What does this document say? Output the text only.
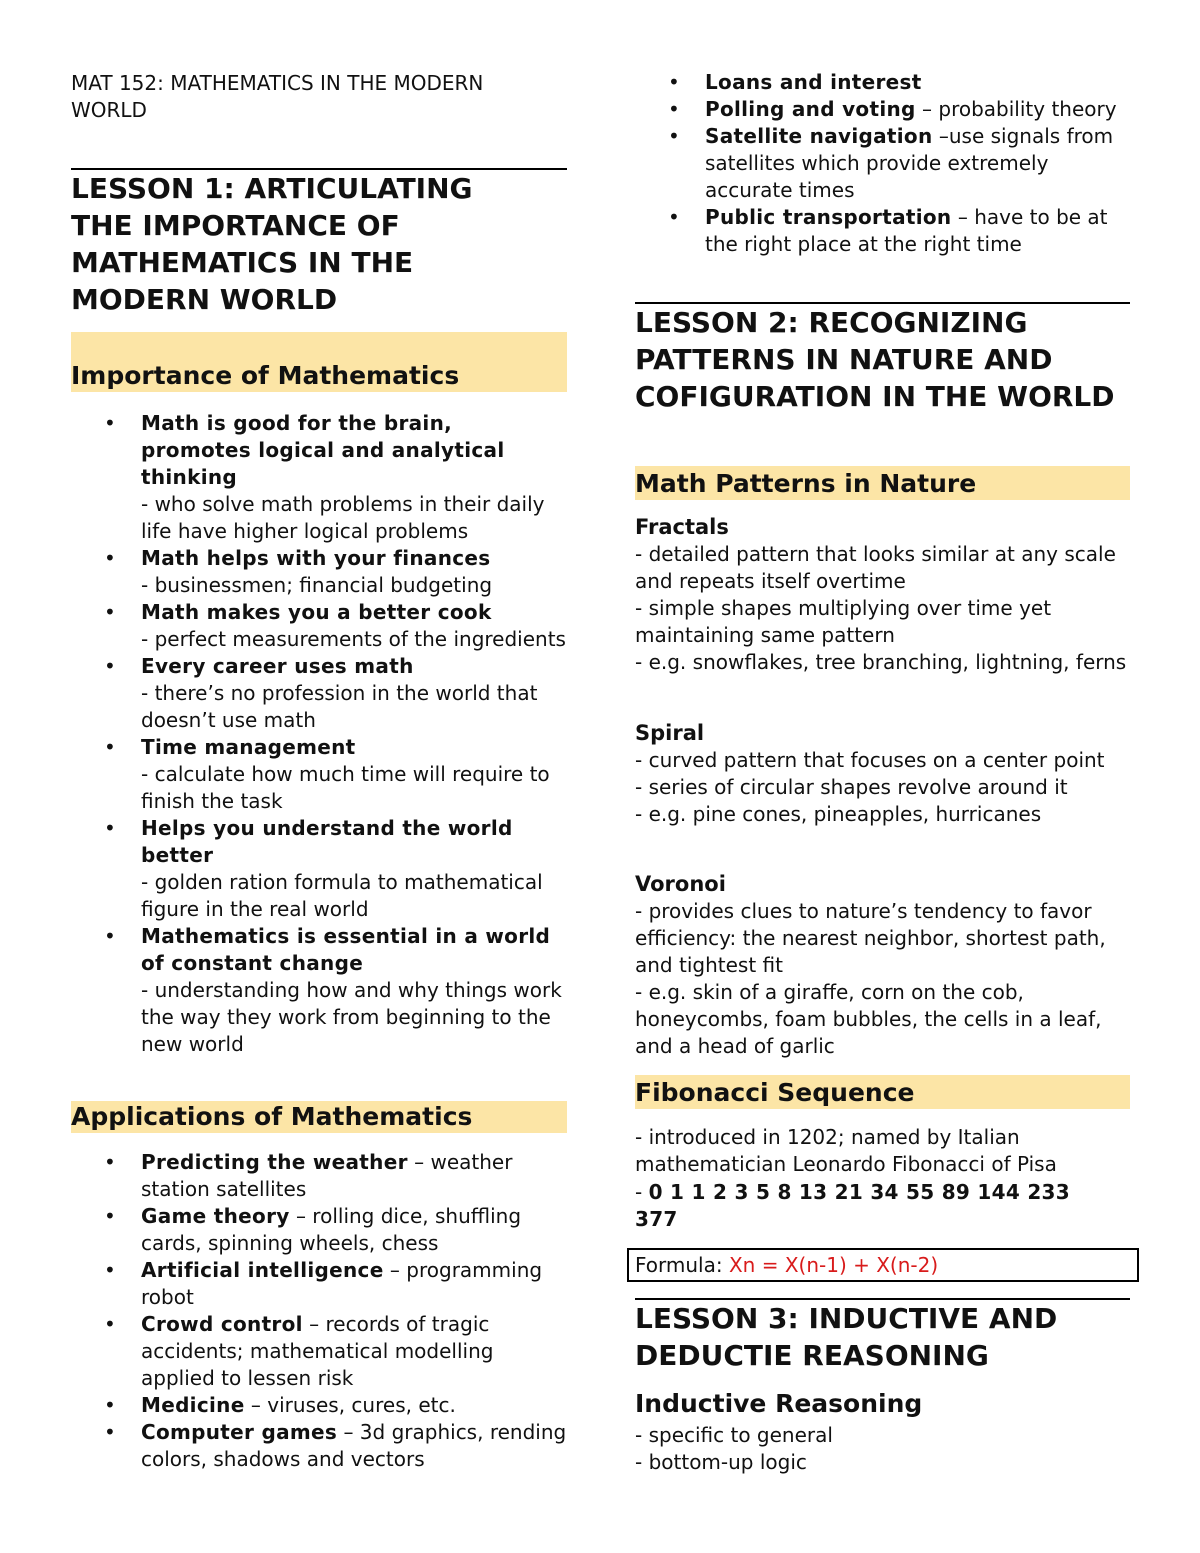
MAT 152: MATHEMATICS IN THE MODERN WORLD
LESSON 1: ARTICULATING THE IMPORTANCE OF MATHEMATICS IN THE MODERN WORLD
Importance of Mathematics
• Math is good for the brain, promotes logical and analytical thinking
- who solve math problems in their daily life have higher logical problems
• Math helps with your finances
- businessmen; financial budgeting
• Math makes you a better cook
- perfect measurements of the ingredients
• Every career uses math
- there’s no profession in the world that doesn’t use math
• Time management
- calculate how much time will require to finish the task
• Helps you understand the world better
- golden ration formula to mathematical figure in the real world
• Mathematics is essential in a world of constant change
- understanding how and why things work the way they work from beginning to the new world
Applications of Mathematics
• Predicting the weather – weather station satellites
• Game theory – rolling dice, shuffling cards, spinning wheels, chess
• Artificial intelligence – programming robot
• Crowd control – records of tragic accidents; mathematical modelling applied to lessen risk
• Medicine – viruses, cures, etc.
• Computer games – 3d graphics, rending colors, shadows and vectors
• Loans and interest
• Polling and voting – probability theory
• Satellite navigation –use signals from satellites which provide extremely accurate times
• Public transportation – have to be at the right place at the right time
LESSON 2: RECOGNIZING PATTERNS IN NATURE AND COFIGURATION IN THE WORLD
Math Patterns in Nature
Fractals
- detailed pattern that looks similar at any scale and repeats itself overtime
- simple shapes multiplying over time yet maintaining same pattern
- e.g. snowflakes, tree branching, lightning, ferns
Spiral
- curved pattern that focuses on a center point
- series of circular shapes revolve around it
- e.g. pine cones, pineapples, hurricanes
Voronoi
- provides clues to nature’s tendency to favor efficiency: the nearest neighbor, shortest path, and tightest fit
- e.g. skin of a giraffe, corn on the cob, honeycombs, foam bubbles, the cells in a leaf, and a head of garlic
Fibonacci Sequence
- introduced in 1202; named by Italian mathematician Leonardo Fibonacci of Pisa
- 0 1 1 2 3 5 8 13 21 34 55 89 144 233 377
Formula: Xn = X(n-1) + X(n-2)
LESSON 3: INDUCTIVE AND DEDUCTIE REASONING
Inductive Reasoning
- specific to general
- bottom-up logic
